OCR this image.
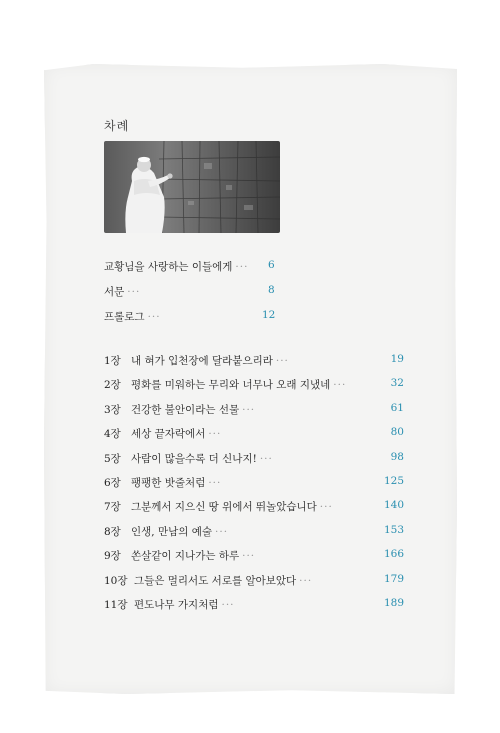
차례
교황님을 사랑하는 이들에게 ··· 6
서문 ···	8
프롤로그 ···	12
1장 내 혀가 입천장에 달라붙으리라 ···	19
2장 평화를 미워하는 무리와 너무나 오래 지냈네 ···	32
3장 건강한 불안이라는 선물 ···	61
4장 세상 끝자락에서 ···	80
5장 사람이 많을수록 더 신나지! ···	98
6장 팽팽한 밧줄처럼 ···	125
7장 그분께서 지으신 땅 위에서 뛰놀았습니다 ···	140
8장 인생, 만남의 예술 ···	153
9장 쏜살같이 지나가는 하루 ···	166
10장 그들은 멀리서도 서로를 알아보았다 ···	179
11장 편도나무 가지처럼 ···	189
